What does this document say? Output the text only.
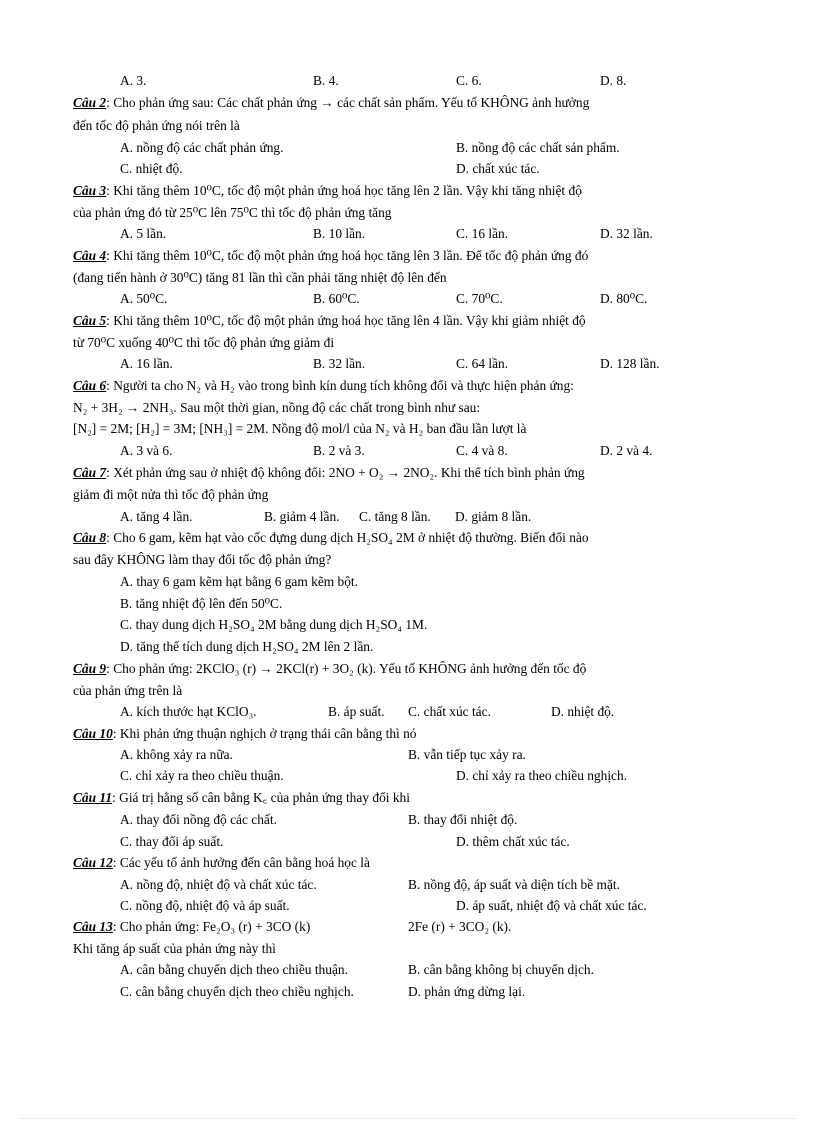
A. 3.	B. 4.	C. 6.	D. 8.
Câu 2: Cho phản ứng sau: Các chất phản ứng → các chất sản phẩm. Yếu tố KHÔNG ảnh hưởng
đến tốc độ phản ứng nói trên là
A. nồng độ các chất phản ứng.	B. nồng độ các chất sản phẩm.
C. nhiệt độ.	D. chất xúc tác.
Câu 3: Khi tăng thêm 10⁰C, tốc độ một phản ứng hoá học tăng lên 2 lần. Vậy khi tăng nhiệt độ
của phản ứng đó từ 25⁰C lên 75⁰C thì tốc độ phản ứng tăng
A. 5 lần.	B. 10 lần.	C. 16 lần.	D. 32 lần.
Câu 4: Khi tăng thêm 10⁰C, tốc độ một phản ứng hoá học tăng lên 3 lần. Để tốc độ phản ứng đó
(đang tiến hành ở 30⁰C) tăng 81 lần thì cần phải tăng nhiệt độ lên đến
A. 50⁰C.	B. 60⁰C.	C. 70⁰C.	D. 80⁰C.
Câu 5: Khi tăng thêm 10⁰C, tốc độ một phản ứng hoá học tăng lên 4 lần. Vậy khi giảm nhiệt độ
từ 70⁰C xuống 40⁰C thì tốc độ phản ứng giảm đi
A. 16 lần.	B. 32 lần.	C. 64 lần.	D. 128 lần.
Câu 6: Người ta cho N₂ và H₂ vào trong bình kín dung tích không đổi và thực hiện phản ứng:
N₂ + 3H₂ → 2NH₃. Sau một thời gian, nồng độ các chất trong bình như sau:
[N₂] = 2M; [H₂] = 3M; [NH₃] = 2M. Nồng độ mol/l của N₂ và H₂ ban đầu lần lượt là
A. 3 và 6.	B. 2 và 3.	C. 4 và 8.	D. 2 và 4.
Câu 7: Xét phản ứng sau ở nhiệt độ không đổi: 2NO + O₂ → 2NO₂. Khi thể tích bình phản ứng
giảm đi một nửa thì tốc độ phản ứng
A. tăng 4 lần.	B. giảm 4 lần. C. tăng 8 lần. D. giảm 8 lần.
Câu 8: Cho 6 gam, kẽm hạt vào cốc đựng dung dịch H₂SO₄ 2M ở nhiệt độ thường. Biến đổi nào
sau đây KHÔNG làm thay đổi tốc độ phản ứng?
A. thay 6 gam kẽm hạt bằng 6 gam kẽm bột.
B. tăng nhiệt độ lên đến 50⁰C.
C. thay dung dịch H₂SO₄ 2M bằng dung dịch H₂SO₄ 1M.
D. tăng thể tích dung dịch H₂SO₄ 2M lên 2 lần.
Câu 9: Cho phản ứng: 2KClO₃ (r) → 2KCl(r) + 3O₂ (k). Yếu tố KHÔNG ảnh hưởng đến tốc độ
của phản ứng trên là
A. kích thước hạt KClO₃.	B. áp suất. C. chất xúc tác.	D. nhiệt độ.
Câu 10: Khi phản ứng thuận nghịch ở trạng thái cân bằng thì nó
A. không xảy ra nữa.	B. vẫn tiếp tục xảy ra.
C. chỉ xảy ra theo chiều thuận.	D. chỉ xảy ra theo chiều nghịch.
Câu 11: Giá trị hằng số cân bằng K꜀ của phản ứng thay đổi khi
A. thay đổi nồng độ các chất.	B. thay đổi nhiệt độ.
C. thay đổi áp suất.	D. thêm chất xúc tác.
Câu 12: Các yếu tố ảnh hưởng đến cân bằng hoá học là
A. nồng độ, nhiệt độ và chất xúc tác.	B. nồng độ, áp suất và diện tích bề mặt.
C. nồng độ, nhiệt độ và áp suất.	D. áp suất, nhiệt độ và chất xúc tác.
Câu 13: Cho phản ứng: Fe₂O₃ (r) + 3CO (k)	2Fe (r) + 3CO₂ (k).
Khi tăng áp suất của phản ứng này thì
A. cân bằng chuyển dịch theo chiều thuận.	B. cân bằng không bị chuyển dịch.
C. cân bằng chuyển dịch theo chiều nghịch.	D. phản ứng dừng lại.
